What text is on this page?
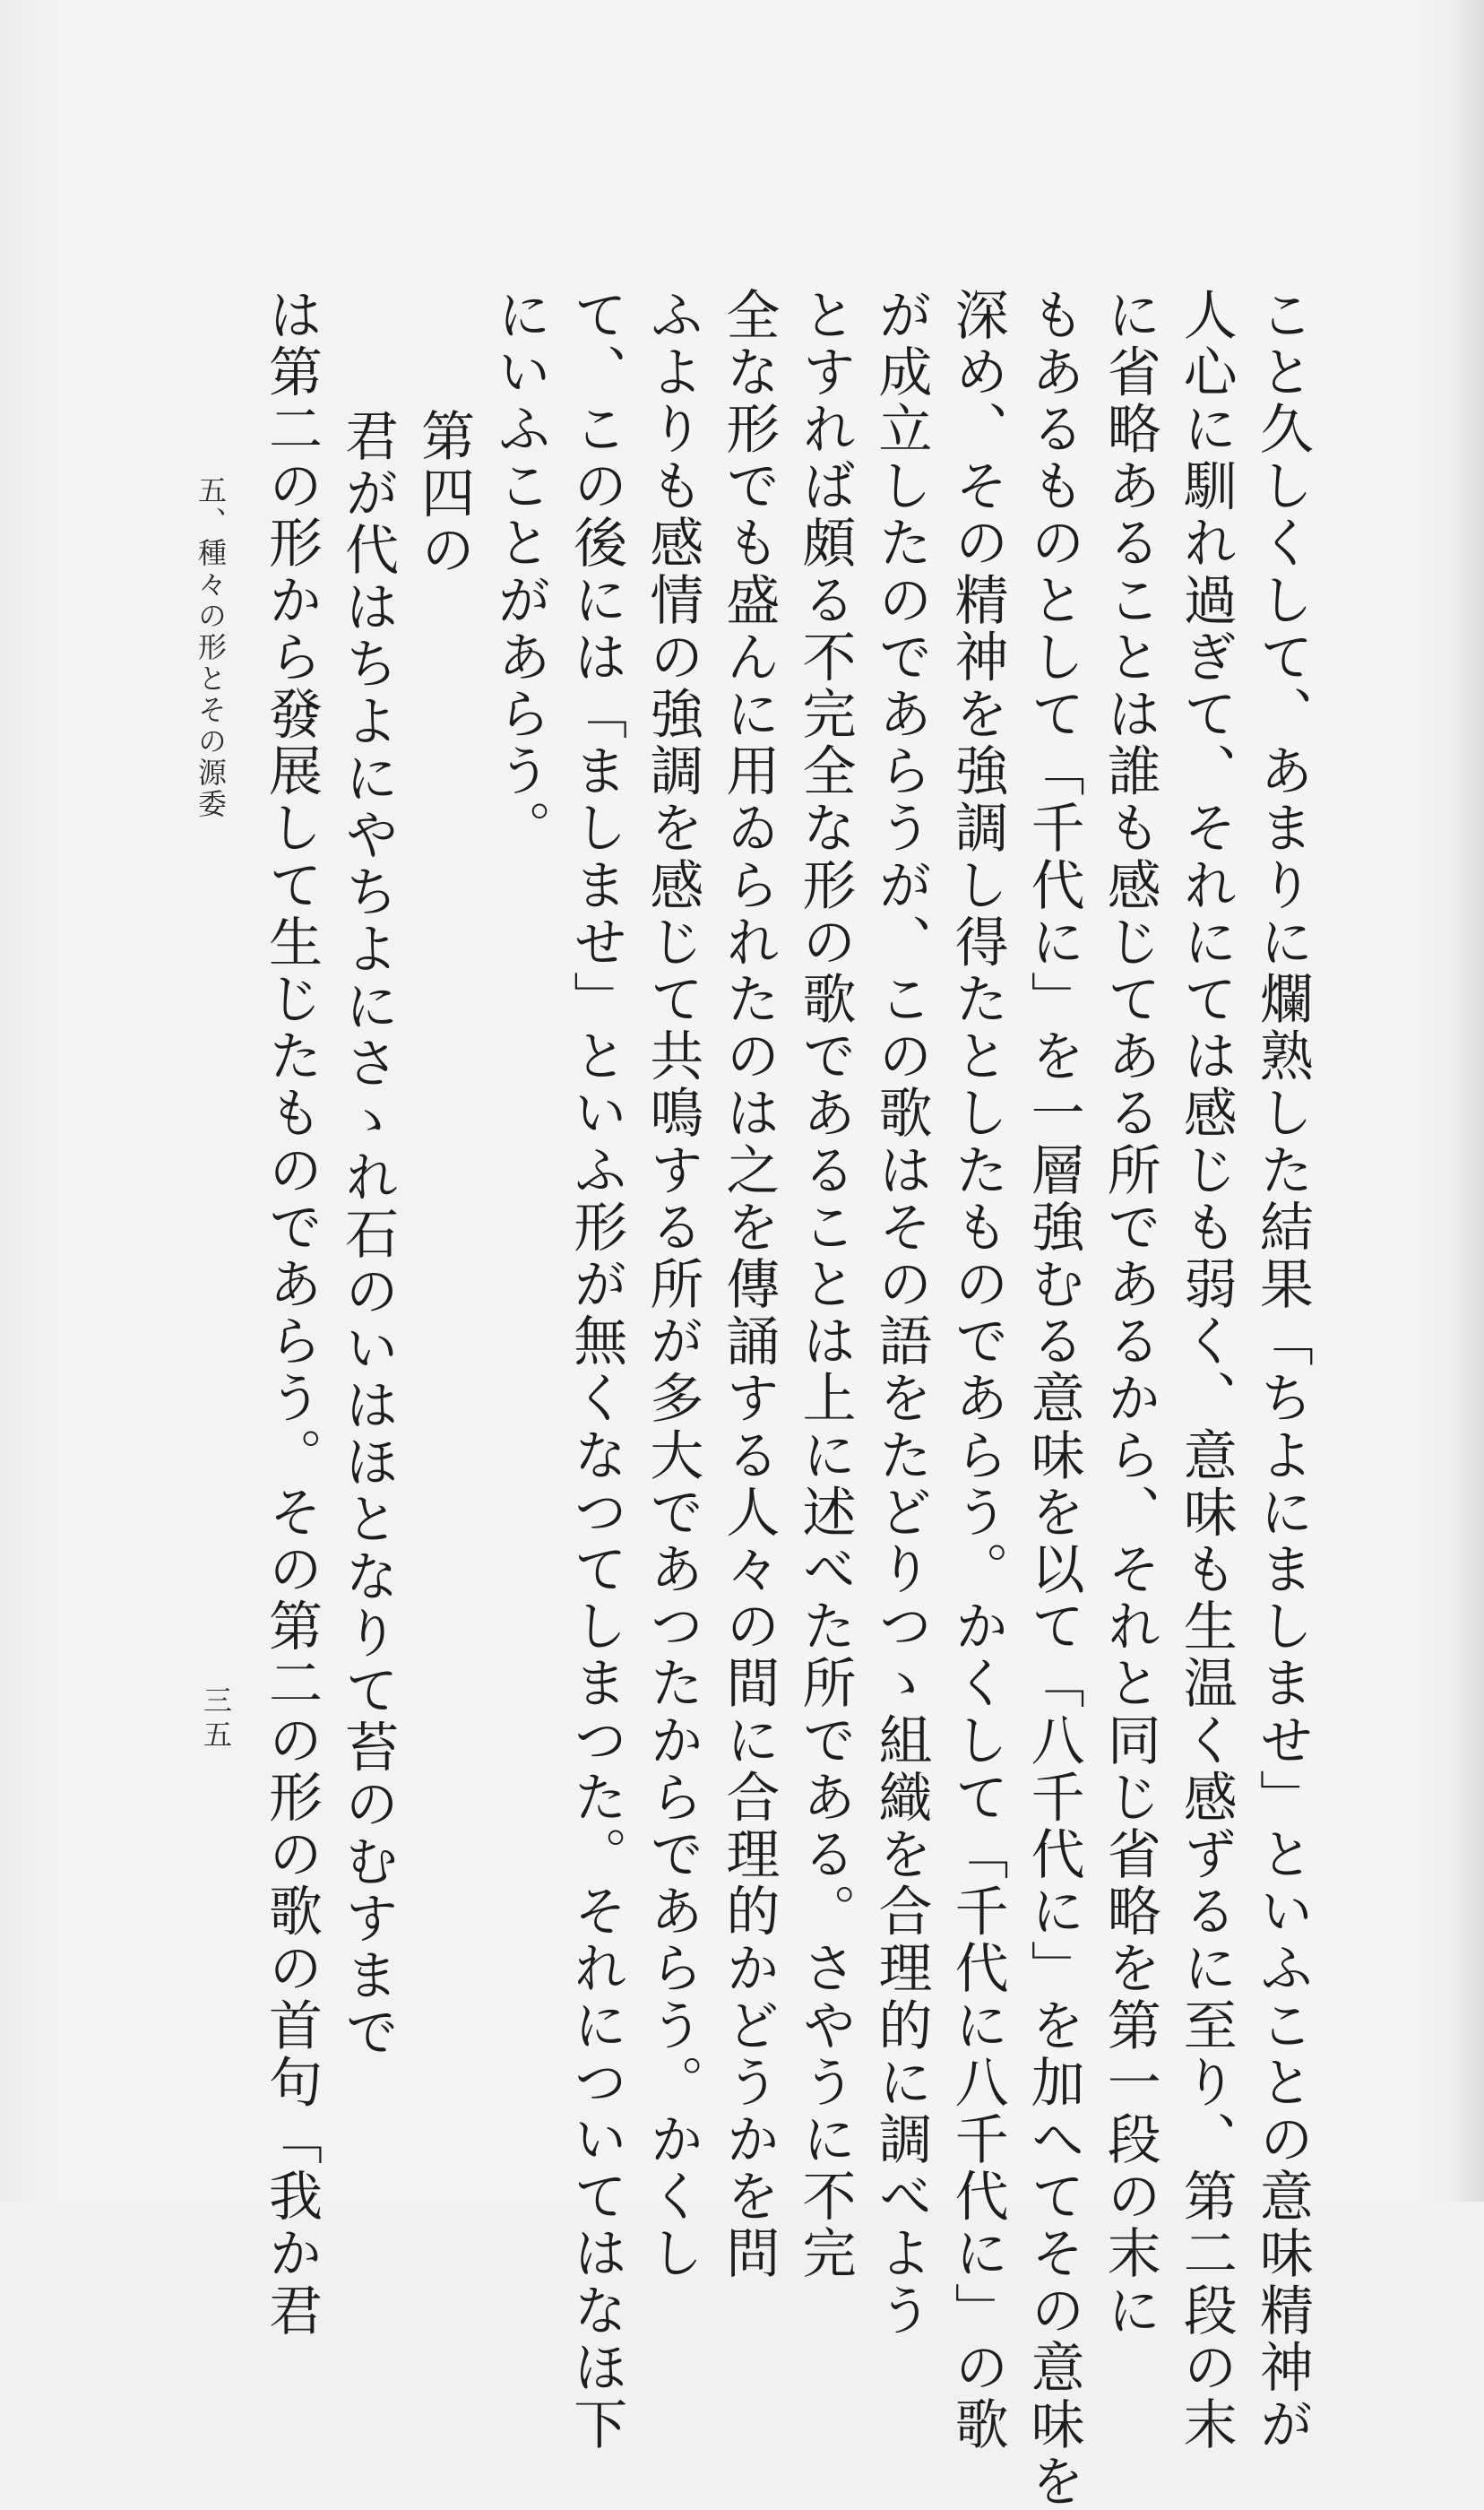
こと久しくして、あまりに爛熟した結果「ちよにましませ」といふことの意味精神が
人心に馴れ過ぎて、それにては感じも弱く、意味も生温く感ずるに至り、第二段の末
に省略あることは誰も感じてある所であるから、それと同じ省略を第一段の末に
もあるものとして「千代に」を一層強むる意味を以て「八千代に」を加へてその意味を
深め、その精神を強調し得たとしたものであらう。かくして「千代に八千代に」の歌
が成立したのであらうが、この歌はその語をたどりつゝ組織を合理的に調べよう
とすれば頗る不完全な形の歌であることは上に述べた所である。さやうに不完
全な形でも盛んに用ゐられたのは之を傳誦する人々の間に合理的かどうかを問
ふよりも感情の強調を感じて共鳴する所が多大であつたからであらう。かくし
て、この後には「ましませ」といふ形が無くなつてしまつた。それについてはなほ下
にいふことがあらう。
第四の
君が代はちよにやちよにさゝれ石のいはほとなりて苔のむすまで
は第二の形から發展して生じたものであらう。その第二の形の歌の首句「我か君
五、種々の形とその源委
三五
